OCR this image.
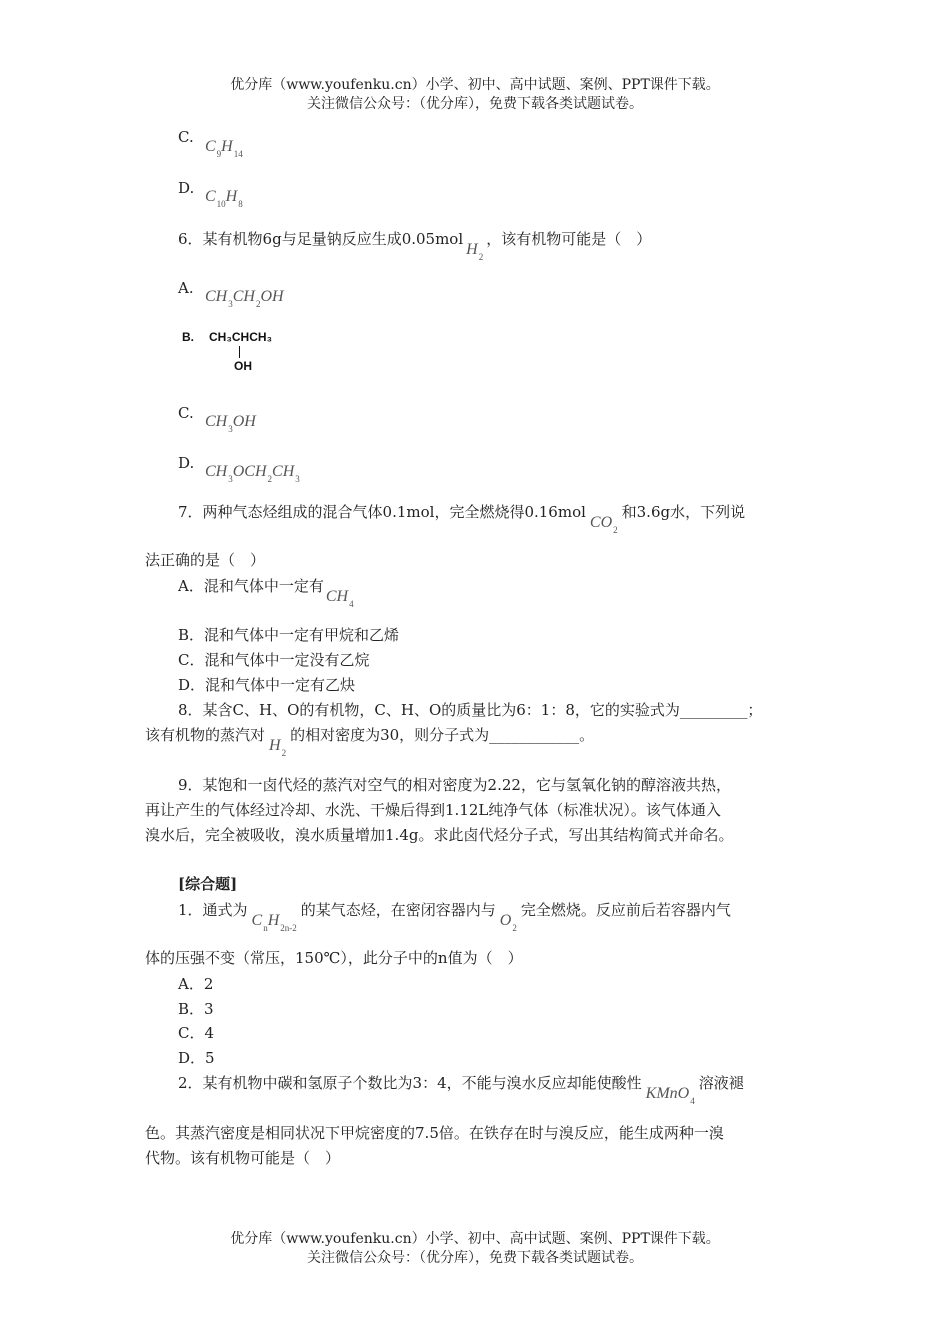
优分库（www.youfenku.cn）小学、初中、高中试题、案例、PPT课件下载。
关注微信公众号：（优分库），免费下载各类试题试卷。
C.
$C_9H_{14}$
D. $C_{10}H_8$
6．某有机物6g与足量钠反应生成0.05molH$_2$，该有机物可能是（　）
A. $CH_3CH_2OH$
B. CH₃CHCH₃
OH
C. $CH_3OH$
D. $CH_3OCH_2CH_3$
7．两种气态烃组成的混合气体0.1mol，完全燃烧得0.16molCO$_2$和3.6g水，下列说
法正确的是（　）
A．混和气体中一定有$CH_4$
B．混和气体中一定有甲烷和乙烯
C．混和气体中一定没有乙烷
D．混和气体中一定有乙炔
8．某含C、H、O的有机物，C、H、O的质量比为6：1：8，它的实验式为_________；
该有机物的蒸汽对$H_2$的相对密度为30，则分子式为____________。
9．某饱和一卤代烃的蒸汽对空气的相对密度为2.22，它与氢氧化钠的醇溶液共热，
再让产生的气体经过冷却、水洗、干燥后得到1.12L纯净气体（标准状况）。该气体通入
溴水后，完全被吸收，溴水质量增加1.4g。求此卤代烃分子式，写出其结构简式并命名。
[综合题]
1．通式为$C_nH_{2n-2}$的某气态烃，在密闭容器内与$O_2$完全燃烧。反应前后若容器内气
体的压强不变（常压，150℃），此分子中的n值为（　）
A．2
B．3
C．4
D．5
2．某有机物中碳和氢原子个数比为3：4，不能与溴水反应却能使酸性KMnO$_4$溶液褪
色。其蒸汽密度是相同状况下甲烷密度的7.5倍。在铁存在时与溴反应，能生成两种一溴
代物。该有机物可能是（　）
优分库（www.youfenku.cn）小学、初中、高中试题、案例、PPT课件下载。
关注微信公众号：（优分库），免费下载各类试题试卷。
